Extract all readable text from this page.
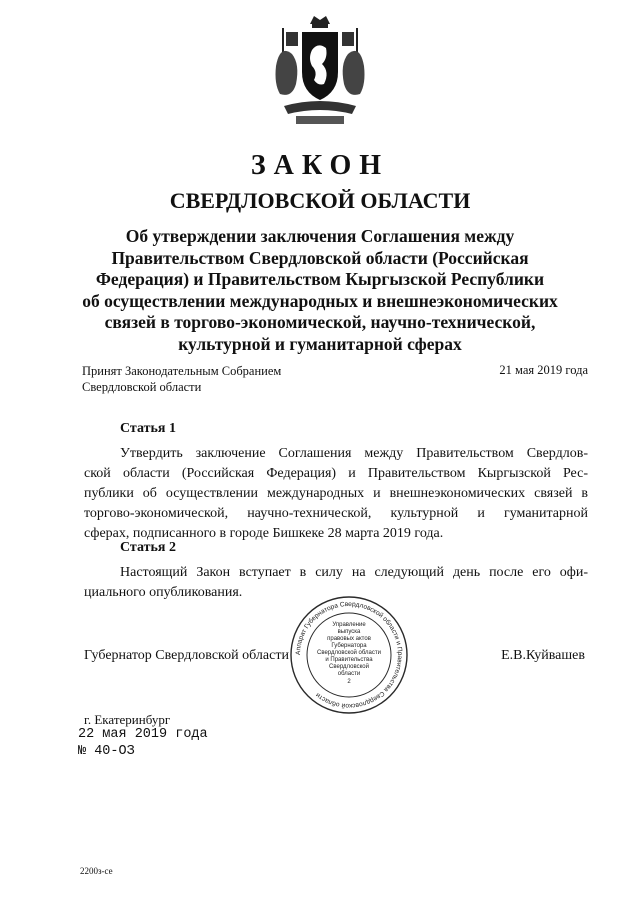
ЗАКОН
СВЕРДЛОВСКОЙ ОБЛАСТИ
Об утверждении заключения Соглашения между
Правительством Свердловской области (Российская
Федерация) и Правительством Кыргызской Республики
об осуществлении международных и внешнеэкономических
связей в торгово-экономической, научно-технической,
культурной и гуманитарной сферах
Принят Законодательным Собранием
Свердловской области
21 мая 2019 года
Статья 1
Утвердить заключение Соглашения между Правительством Свердлов-
ской области (Российская Федерация) и Правительством Кыргызской Рес-
публики об осуществлении международных и внешнеэкономических связей в
торгово-экономической, научно-технической, культурной и гуманитарной
сферах, подписанного в городе Бишкеке 28 марта 2019 года.
Статья 2
Настоящий Закон вступает в силу на следующий день после его офи-
циального опубликования.
Губернатор Свердловской области	Е.В.Куйвашев
Аппарат Губернатора Свердловской области и Правительства Свердловской области
Управление
выпуска
правовых актов
Губернатора
Свердловской области
и Правительства
Свердловской
области
2
г. Екатеринбург
22 мая 2019 года
№ 40-ОЗ
2200з-се
